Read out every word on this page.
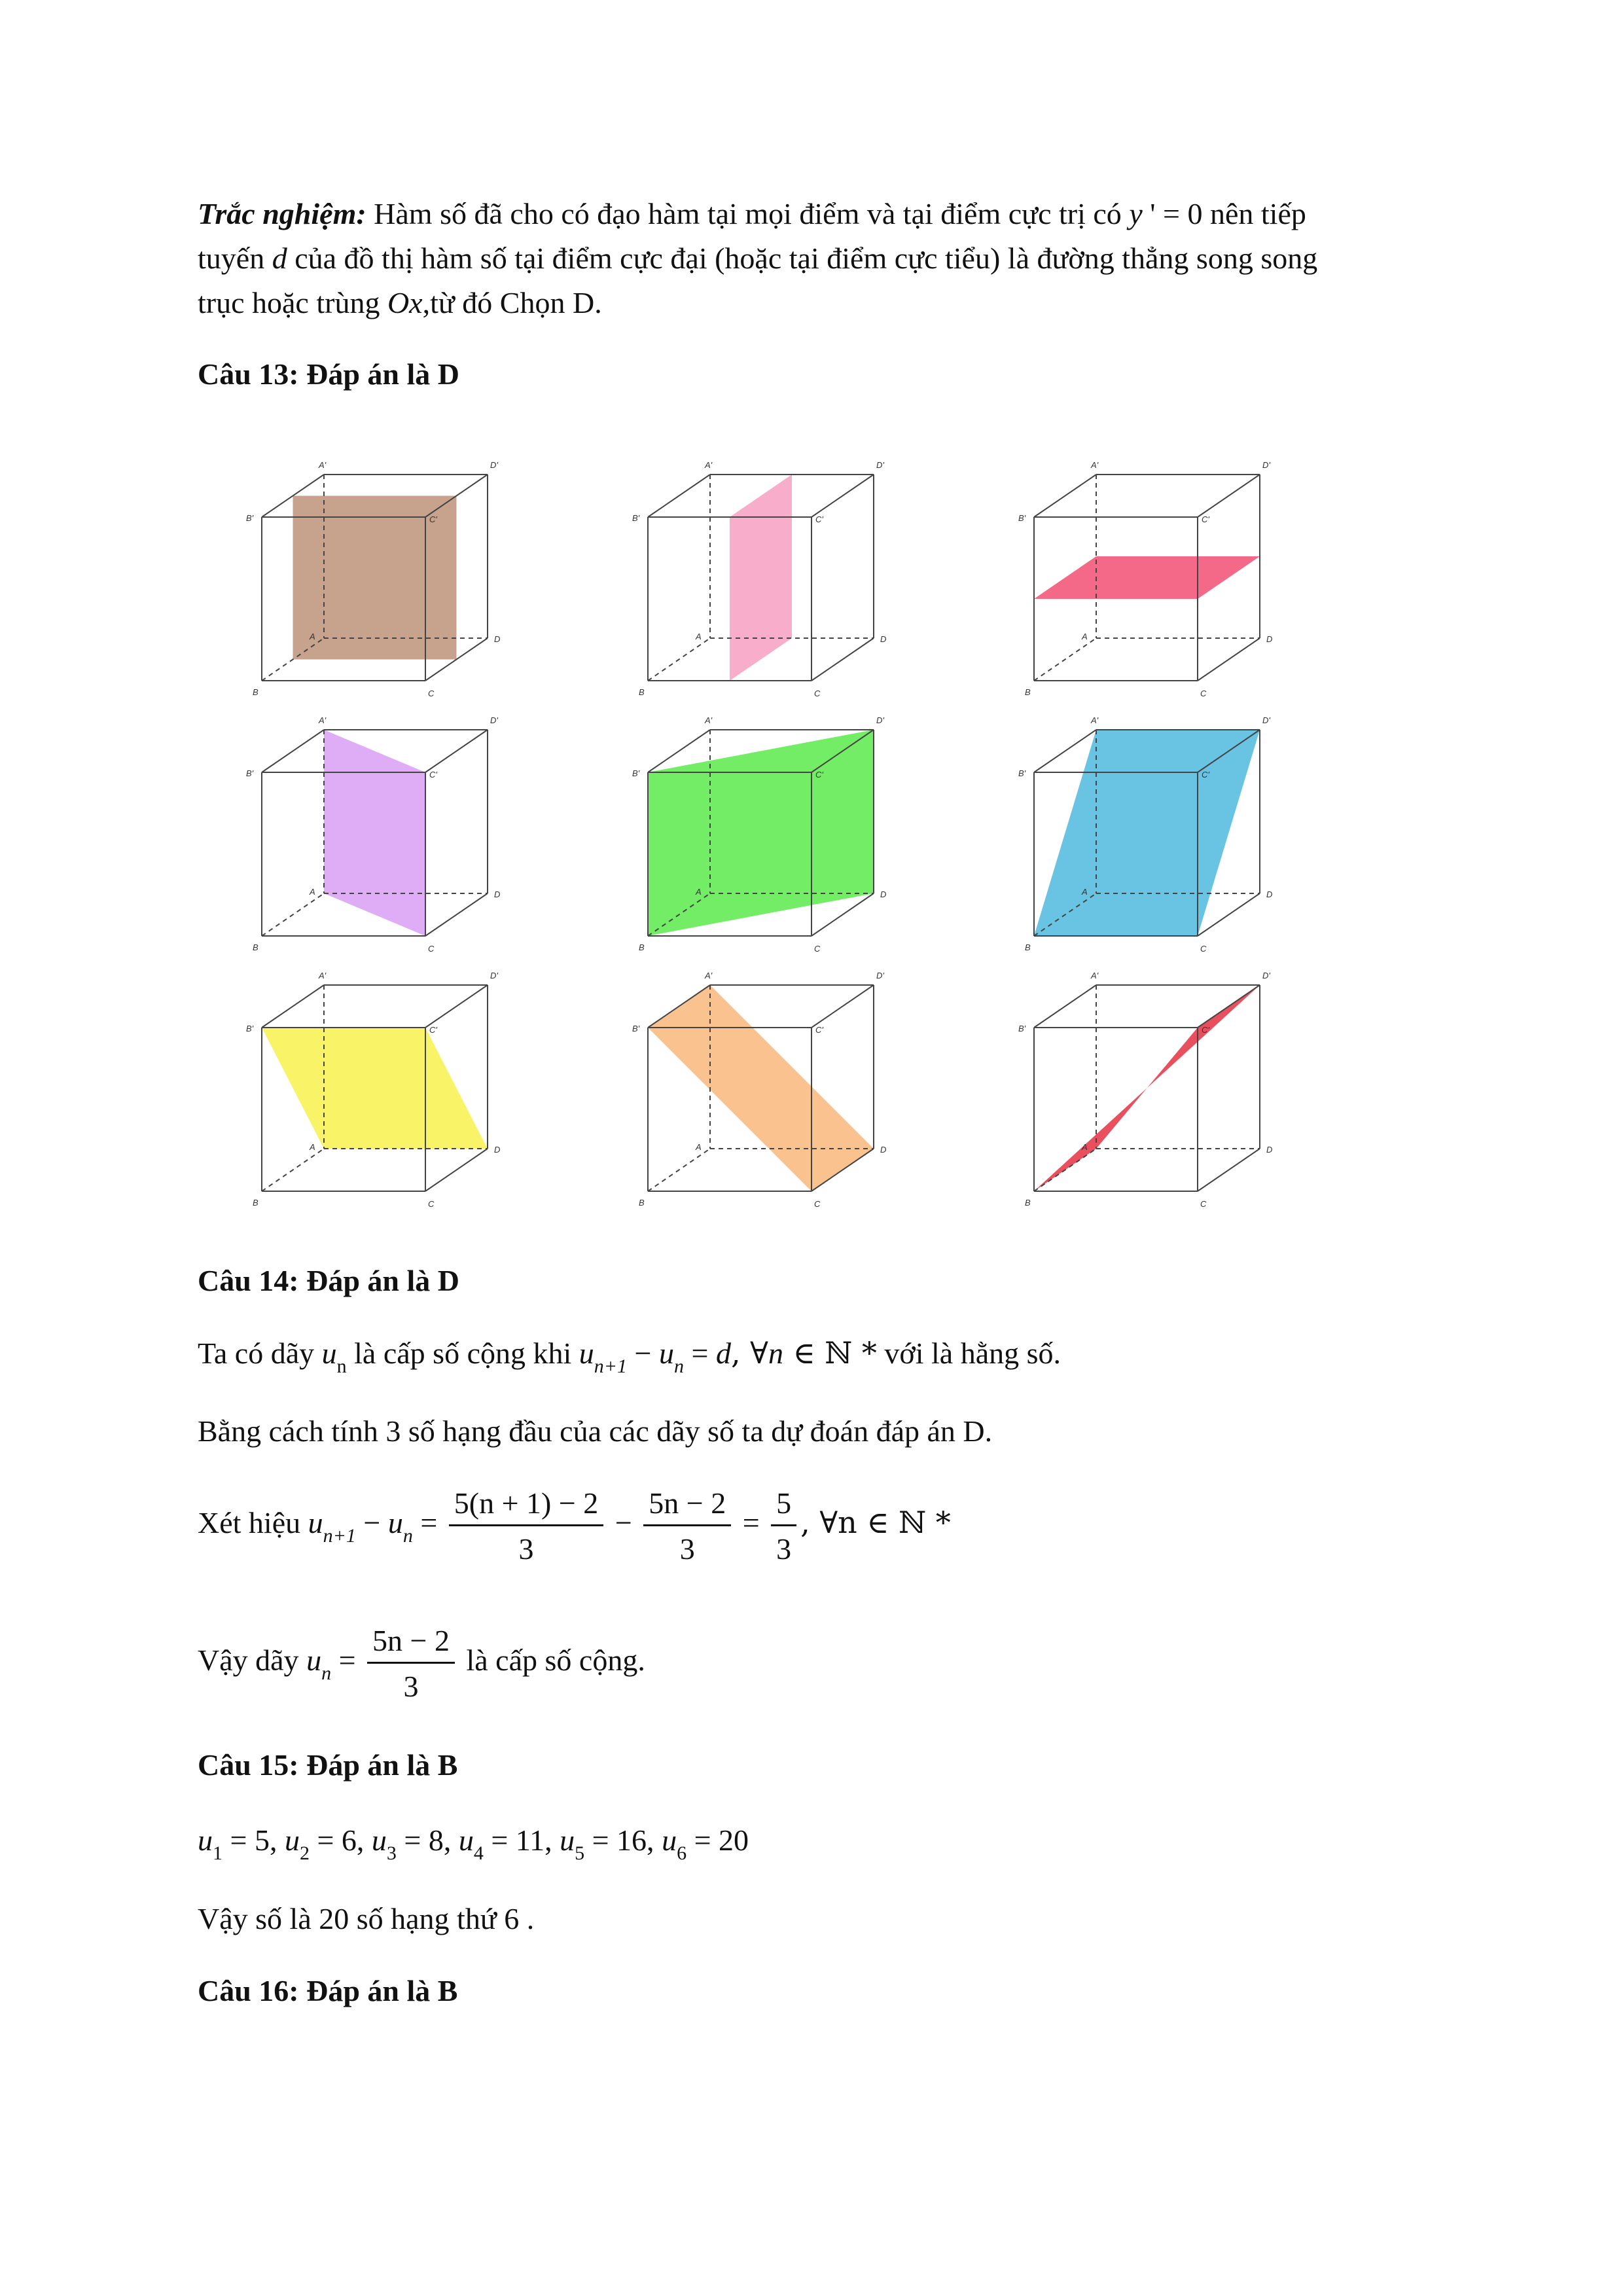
Trắc nghiệm: Hàm số đã cho có đạo hàm tại mọi điểm và tại điểm cực trị có y ' = 0 nên tiếp
tuyến d của đồ thị hàm số tại điểm cực đại (hoặc tại điểm cực tiểu) là đường thẳng song song
trục hoặc trùng Ox,từ đó Chọn D.
Câu 13: Đáp án là D
A'	D'
B'	C'
A	D
B	C
A'	D'
B'	C'
A	D
B	C
A'	D'
B'	C'
A	D
B	C
A'	D'
B'	C'
A	D
B	C
A'	D'
B'	C'
A	D
B	C
A'	D'
B'	C'
A	D
B	C
A'	D'
B'	C'
A	D
B	C
A'	D'
B'	C'
A	D
B	C
A'	D'
B'	C'
A	D
B	C
Câu 14: Đáp án là D
Ta có dãy $u_n$ là cấp số cộng khi $u_{n+1} - u_n = d$, ∀n ∈ ℕ * với là hằng số.
Bằng cách tính 3 số hạng đầu của các dãy số ta dự đoán đáp án D.
Xét hiệu $u_{n+1} - u_n = \frac{5(n + 1) - 2}{3} - \frac{5n - 2}{3} = \frac{5}{3}$ , ∀n ∈ ℕ *
Vậy dãy $u_n = \frac{5n - 2}{3}$ là cấp số cộng.
Câu 15: Đáp án là B
$u_1 = 5$, $u_2 = 6$, $u_3 = 8$, $u_4 = 11$, $u_5 = 16$, $u_6 = 20$
Vậy số là 20 số hạng thứ 6 .
Câu 16: Đáp án là B
